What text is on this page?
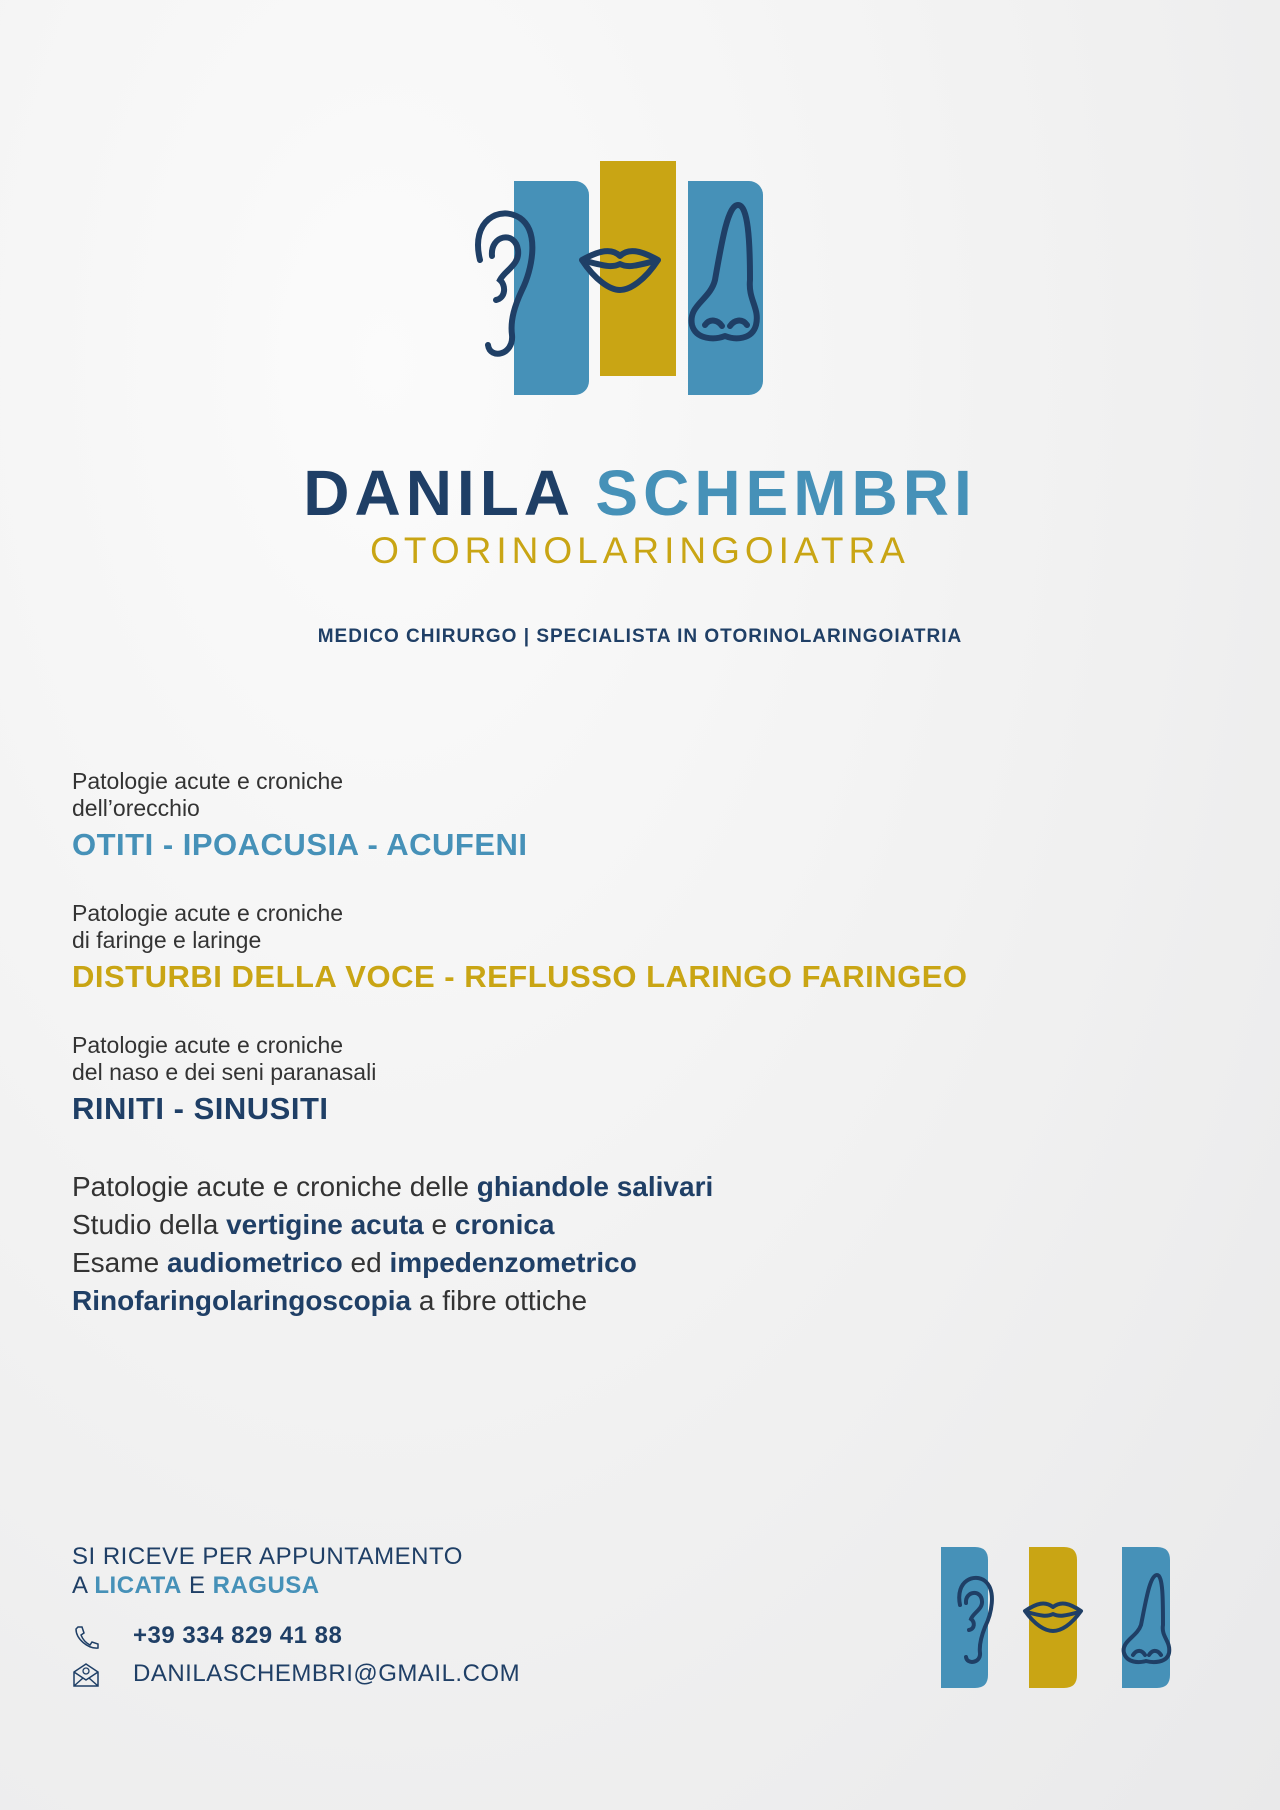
DANILA SCHEMBRI
OTORINOLARINGOIATRA
MEDICO CHIRURGO | SPECIALISTA IN OTORINOLARINGOIATRIA
Patologie acute e croniche
dell’orecchio
OTITI - IPOACUSIA - ACUFENI
Patologie acute e croniche
di faringe e laringe
DISTURBI DELLA VOCE - REFLUSSO LARINGO FARINGEO
Patologie acute e croniche
del naso e dei seni paranasali
RINITI - SINUSITI
Patologie acute e croniche delle ghiandole salivari
Studio della vertigine acuta e cronica
Esame audiometrico ed impedenzometrico
Rinofaringolaringoscopia a fibre ottiche
SI RICEVE PER APPUNTAMENTO
A LICATA E RAGUSA
+39 334 829 41 88
DANILASCHEMBRI@GMAIL.COM
